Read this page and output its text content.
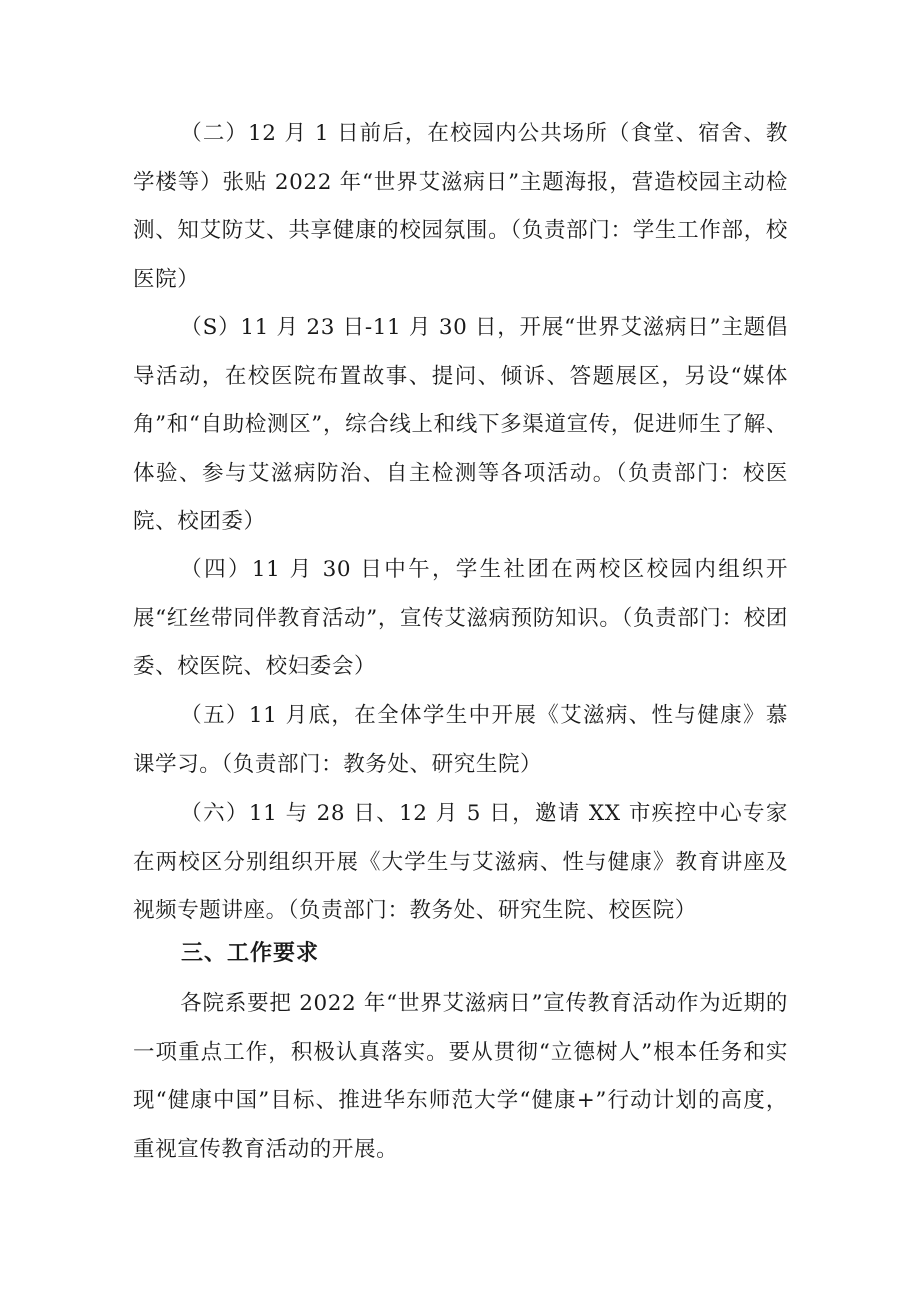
（二）12 月 1 日前后，在校园内公共场所（食堂、宿舍、教学楼等）张贴 2022 年“世界艾滋病日”主题海报，营造校园主动检测、知艾防艾、共享健康的校园氛围。（负责部门：学生工作部，校医院）

（S）11 月 23 日-11 月 30 日，开展“世界艾滋病日”主题倡导活动，在校医院布置故事、提问、倾诉、答题展区，另设“媒体角”和“自助检测区”，综合线上和线下多渠道宣传，促进师生了解、体验、参与艾滋病防治、自主检测等各项活动。（负责部门：校医院、校团委）

（四）11 月 30 日中午，学生社团在两校区校园内组织开展“红丝带同伴教育活动”，宣传艾滋病预防知识。（负责部门：校团委、校医院、校妇委会）

（五）11 月底，在全体学生中开展《艾滋病、性与健康》慕课学习。（负责部门：教务处、研究生院）

（六）11 与 28 日、12 月 5 日，邀请 XX 市疾控中心专家在两校区分别组织开展《大学生与艾滋病、性与健康》教育讲座及视频专题讲座。（负责部门：教务处、研究生院、校医院）

三、工作要求

各院系要把 2022 年“世界艾滋病日”宣传教育活动作为近期的一项重点工作，积极认真落实。要从贯彻“立德树人”根本任务和实现“健康中国”目标、推进华东师范大学“健康+”行动计划的高度，重视宣传教育活动的开展。
